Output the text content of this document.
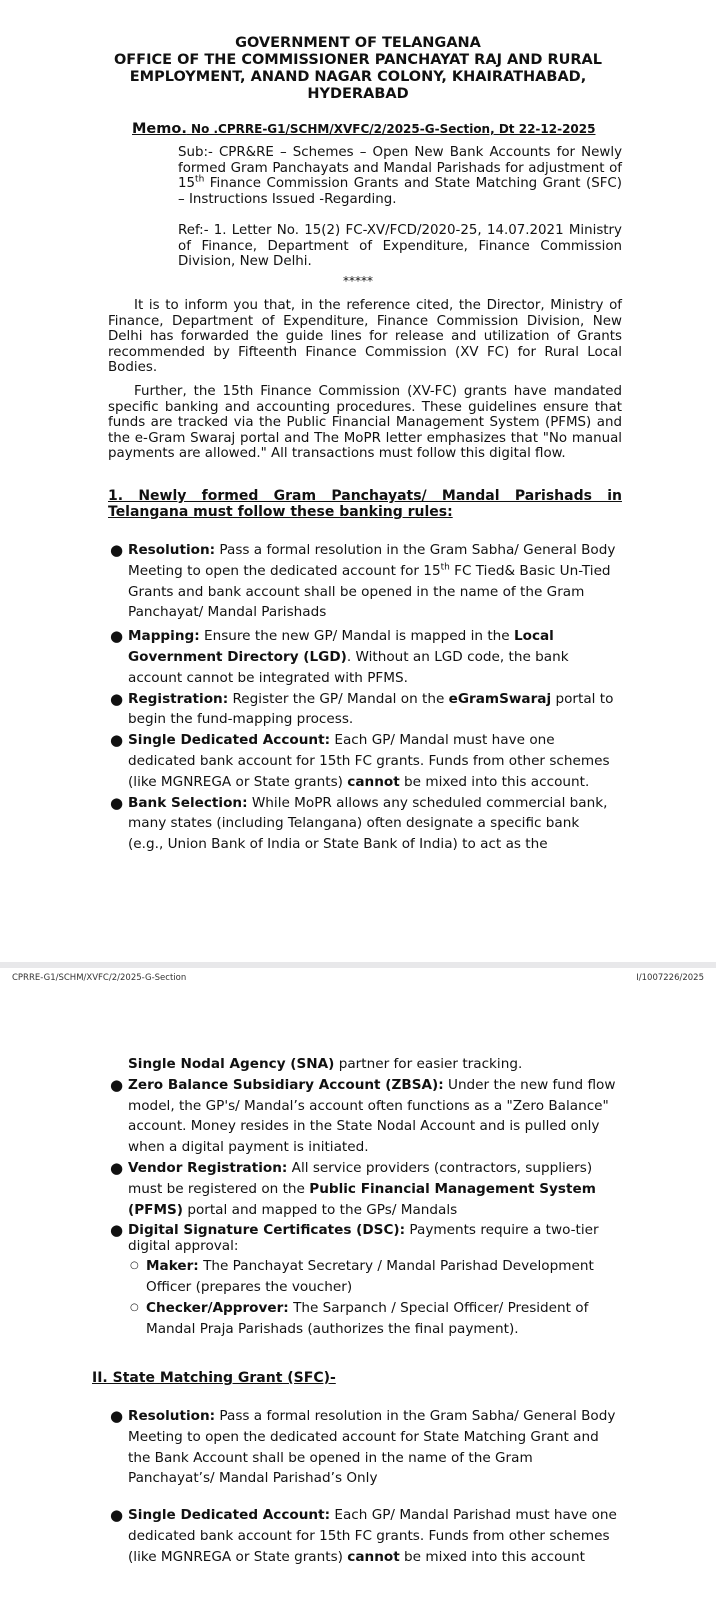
GOVERNMENT OF TELANGANA
OFFICE OF THE COMMISSIONER PANCHAYAT RAJ AND RURAL
EMPLOYMENT, ANAND NAGAR COLONY, KHAIRATHABAD,
HYDERABAD
Memo. No .CPRRE-G1/SCHM/XVFC/2/2025-G-Section, Dt 22-12-2025
Sub:- CPR&RE – Schemes – Open New Bank Accounts for Newly formed Gram Panchayats and Mandal Parishads for adjustment of 15th Finance Commission Grants and State Matching Grant (SFC) – Instructions Issued -Regarding.
Ref:- 1. Letter No. 15(2) FC-XV/FCD/2020-25, 14.07.2021 Ministry of Finance, Department of Expenditure, Finance Commission Division, New Delhi.
*****
It is to inform you that, in the reference cited, the Director, Ministry of Finance, Department of Expenditure, Finance Commission Division, New Delhi has forwarded the guide lines for release and utilization of Grants recommended by Fifteenth Finance Commission (XV FC) for Rural Local Bodies.
Further, the 15th Finance Commission (XV-FC) grants have mandated specific banking and accounting procedures. These guidelines ensure that funds are tracked via the Public Financial Management System (PFMS) and the e-Gram Swaraj portal and The MoPR letter emphasizes that "No manual payments are allowed." All transactions must follow this digital flow.
1. Newly formed Gram Panchayats/ Mandal Parishads in Telangana must follow these banking rules:
● Resolution: Pass a formal resolution in the Gram Sabha/ General Body Meeting to open the dedicated account for 15th FC Tied& Basic Un-Tied Grants and bank account shall be opened in the name of the Gram Panchayat/ Mandal Parishads
● Mapping: Ensure the new GP/ Mandal is mapped in the Local Government Directory (LGD). Without an LGD code, the bank account cannot be integrated with PFMS.
● Registration: Register the GP/ Mandal on the eGramSwaraj portal to begin the fund-mapping process.
● Single Dedicated Account: Each GP/ Mandal must have one dedicated bank account for 15th FC grants. Funds from other schemes (like MGNREGA or State grants) cannot be mixed into this account.
● Bank Selection: While MoPR allows any scheduled commercial bank, many states (including Telangana) often designate a specific bank (e.g., Union Bank of India or State Bank of India) to act as the
CPRRE-G1/SCHM/XVFC/2/2025-G-Section	I/1007226/2025
Single Nodal Agency (SNA) partner for easier tracking.
● Zero Balance Subsidiary Account (ZBSA): Under the new fund flow model, the GP's/ Mandal’s account often functions as a "Zero Balance" account. Money resides in the State Nodal Account and is pulled only when a digital payment is initiated.
● Vendor Registration: All service providers (contractors, suppliers) must be registered on the Public Financial Management System (PFMS) portal and mapped to the GPs/ Mandals
● Digital Signature Certificates (DSC): Payments require a two-tier digital approval:
○ Maker: The Panchayat Secretary / Mandal Parishad Development Officer (prepares the voucher)
○ Checker/Approver: The Sarpanch / Special Officer/ President of Mandal Praja Parishads (authorizes the final payment).
II. State Matching Grant (SFC)-
● Resolution: Pass a formal resolution in the Gram Sabha/ General Body Meeting to open the dedicated account for State Matching Grant and the Bank Account shall be opened in the name of the Gram Panchayat’s/ Mandal Parishad’s Only
● Single Dedicated Account: Each GP/ Mandal Parishad must have one dedicated bank account for 15th FC grants. Funds from other schemes (like MGNREGA or State grants) cannot be mixed into this account
